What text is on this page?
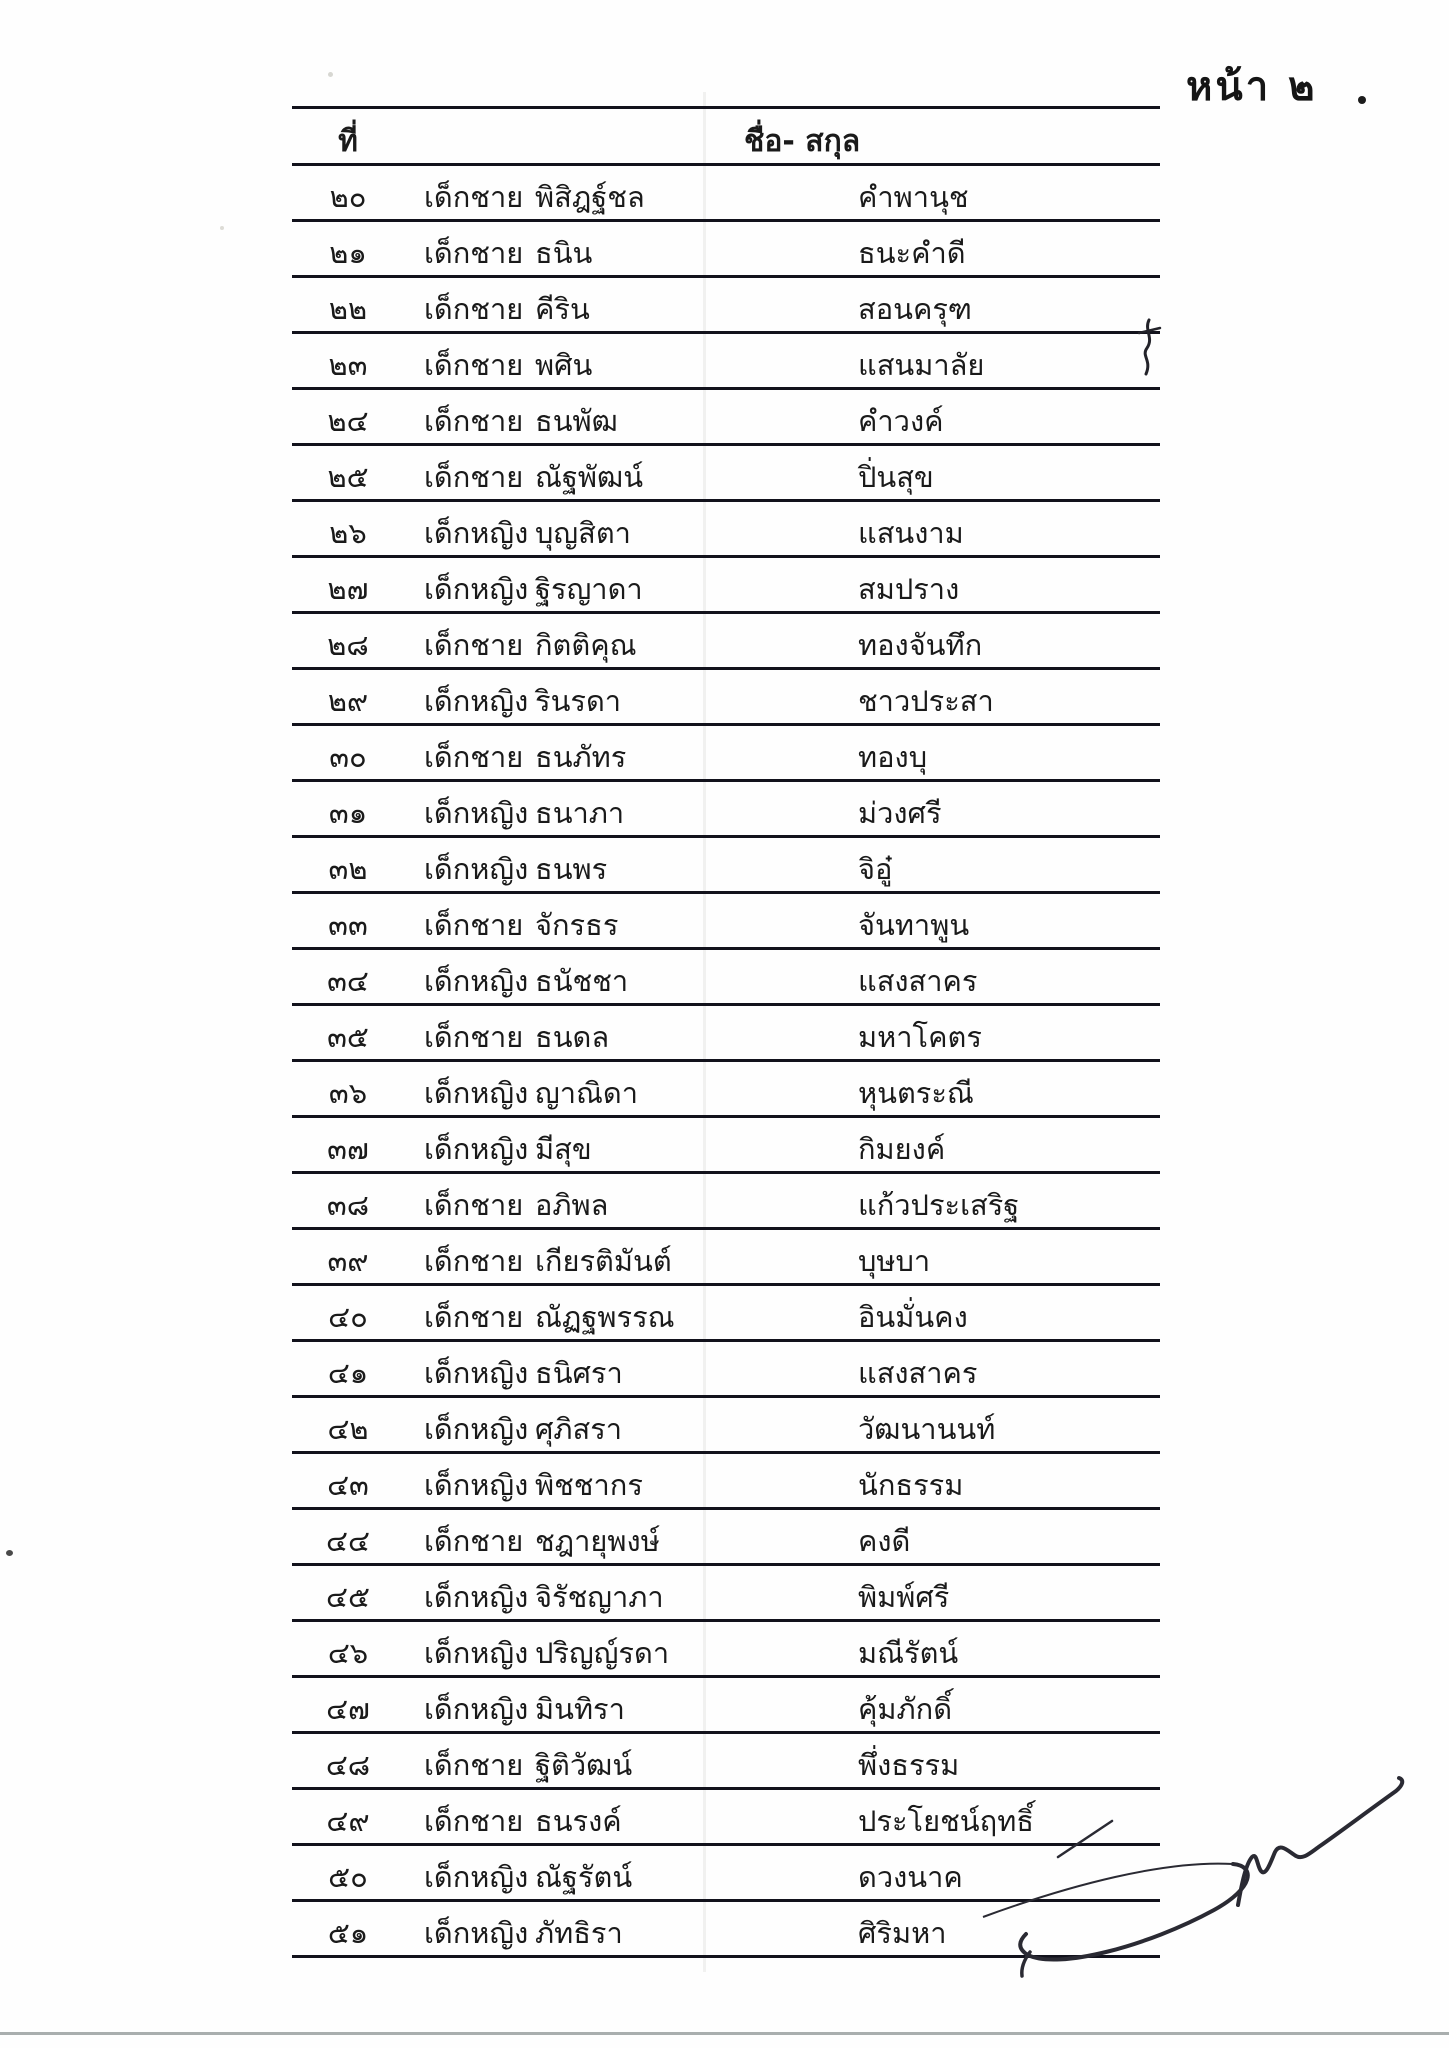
หน้า ๒
ที่	ชื่อ- สกุล
๒๐	เด็กชาย พิสิฎฐ์ชล	คำพานุช
๒๑	เด็กชาย ธนิน	ธนะคำดี
๒๒	เด็กชาย คีริน	สอนครุฑ
๒๓	เด็กชาย พศิน	แสนมาลัย
๒๔	เด็กชาย ธนพัฒ	คำวงค์
๒๕	เด็กชาย ณัฐพัฒน์	ปิ่นสุข
๒๖	เด็กหญิง บุญสิตา	แสนงาม
๒๗	เด็กหญิง ฐิรญาดา	สมปราง
๒๘	เด็กชาย กิตติคุณ	ทองจันทึก
๒๙	เด็กหญิง รินรดา	ชาวประสา
๓๐	เด็กชาย ธนภัทร	ทองบุ
๓๑	เด็กหญิง ธนาภา	ม่วงศรี
๓๒	เด็กหญิง ธนพร	จิอู๋
๓๓	เด็กชาย จักรธร	จันทาพูน
๓๔	เด็กหญิง ธนัชชา	แสงสาคร
๓๕	เด็กชาย ธนดล	มหาโคตร
๓๖	เด็กหญิง ญาณิดา	หุนตระณี
๓๗	เด็กหญิง มีสุข	กิมยงค์
๓๘	เด็กชาย อภิพล	แก้วประเสริฐ
๓๙	เด็กชาย เกียรติมันต์	บุษบา
๔๐	เด็กชาย ณัฏฐพรรณ	อินมั่นคง
๔๑	เด็กหญิง ธนิศรา	แสงสาคร
๔๒	เด็กหญิง ศุภิสรา	วัฒนานนท์
๔๓	เด็กหญิง พิชชากร	นักธรรม
๔๔	เด็กชาย ชฎายุพงษ์	คงดี
๔๕	เด็กหญิง จิรัชญาภา	พิมพ์ศรี
๔๖	เด็กหญิง ปริญญ์รดา	มณีรัตน์
๔๗	เด็กหญิง มินทิรา	คุ้มภักดิ์
๔๘	เด็กชาย ฐิติวัฒน์	พึ่งธรรม
๔๙	เด็กชาย ธนรงค์	ประโยชน์ฤทธิ์
๕๐	เด็กหญิง ณัฐรัตน์	ดวงนาค
๕๑	เด็กหญิง ภัทธิรา	ศิริมหา
